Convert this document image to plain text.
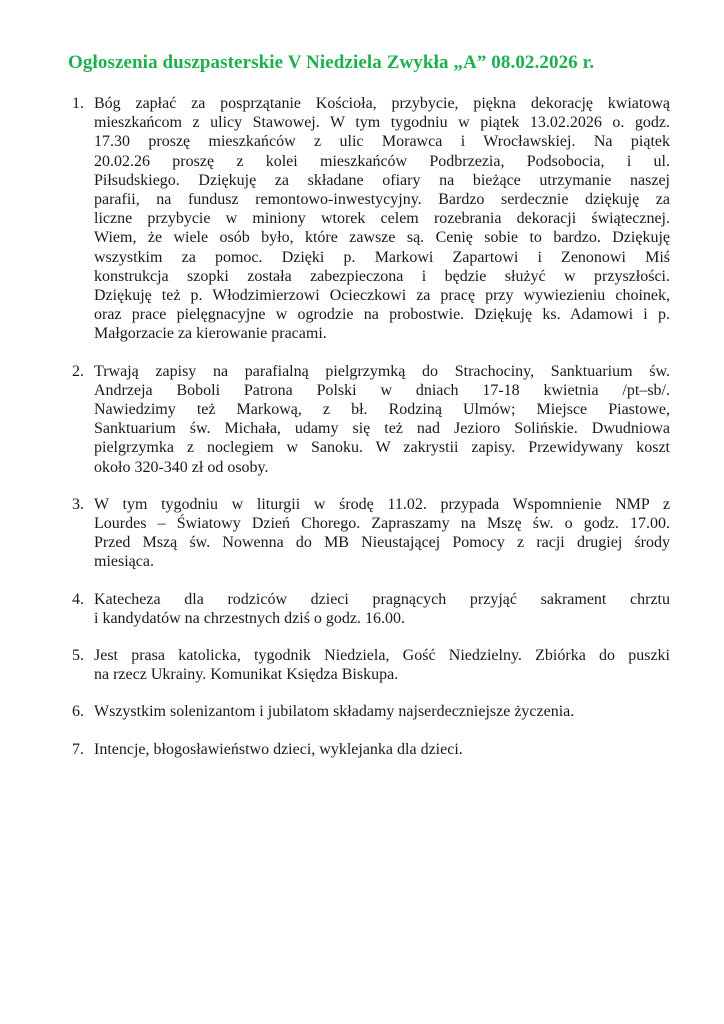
Ogłoszenia duszpasterskie V Niedziela Zwykła „A” 08.02.2026 r.
1. Bóg zapłać za posprzątanie Kościoła, przybycie, piękna dekorację kwiatową
mieszkańcom z ulicy Stawowej. W tym tygodniu w piątek 13.02.2026 o. godz.
17.30 proszę mieszkańców z ulic Morawca i Wrocławskiej. Na piątek
20.02.26 proszę z kolei mieszkańców Podbrzezia, Podsobocia, i ul.
Piłsudskiego. Dziękuję za składane ofiary na bieżące utrzymanie naszej
parafii, na fundusz remontowo-inwestycyjny. Bardzo serdecznie dziękuję za
liczne przybycie w miniony wtorek celem rozebrania dekoracji świątecznej.
Wiem, że wiele osób było, które zawsze są. Cenię sobie to bardzo. Dziękuję
wszystkim za pomoc. Dzięki p. Markowi Zapartowi i Zenonowi Miś
konstrukcja szopki została zabezpieczona i będzie służyć w przyszłości.
Dziękuję też p. Włodzimierzowi Ocieczkowi za pracę przy wywiezieniu choinek,
oraz prace pielęgnacyjne w ogrodzie na probostwie. Dziękuję ks. Adamowi i p.
Małgorzacie za kierowanie pracami.
2. Trwają zapisy na parafialną pielgrzymką do Strachociny, Sanktuarium św.
Andrzeja Boboli Patrona Polski w dniach 17-18 kwietnia /pt–sb/.
Nawiedzimy też Markową, z bł. Rodziną Ulmów; Miejsce Piastowe,
Sanktuarium św. Michała, udamy się też nad Jezioro Solińskie. Dwudniowa
pielgrzymka z noclegiem w Sanoku. W zakrystii zapisy. Przewidywany koszt
około 320-340 zł od osoby.
3. W tym tygodniu w liturgii w środę 11.02. przypada Wspomnienie NMP z
Lourdes – Światowy Dzień Chorego. Zapraszamy na Mszę św. o godz. 17.00.
Przed Mszą św. Nowenna do MB Nieustającej Pomocy z racji drugiej środy
miesiąca.
4. Katecheza dla rodziców dzieci pragnących przyjąć sakrament chrztu
i kandydatów na chrzestnych dziś o godz. 16.00.
5. Jest prasa katolicka, tygodnik Niedziela, Gość Niedzielny. Zbiórka do puszki
na rzecz Ukrainy. Komunikat Księdza Biskupa.
6. Wszystkim solenizantom i jubilatom składamy najserdeczniejsze życzenia.
7. Intencje, błogosławieństwo dzieci, wyklejanka dla dzieci.
